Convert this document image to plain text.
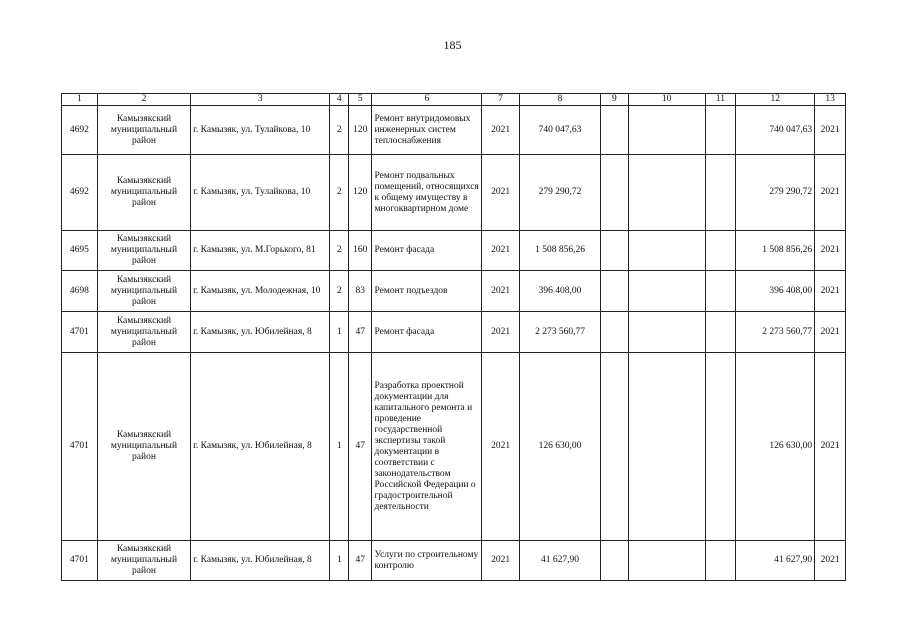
185
1	2	3	4	5	6	7	8	9	10	11	12	13
4692	Камызякский муниципальный район	г. Камызяк, ул. Тулайкова, 10	2	120	Ремонт внутридомовых инженерных систем теплоснабжения	2021	740 047,63				740 047,63	2021
4692	Камызякский муниципальный район	г. Камызяк, ул. Тулайкова, 10	2	120	Ремонт подвальных помещений, относящихся к общему имуществу в многоквартирном доме	2021	279 290,72				279 290,72	2021
4695	Камызякский муниципальный район	г. Камызяк, ул. М.Горького, 81	2	160	Ремонт фасада	2021	1 508 856,26				1 508 856,26	2021
4698	Камызякский муниципальный район	г. Камызяк, ул. Молодежная, 10	2	83	Ремонт подъездов	2021	396 408,00				396 408,00	2021
4701	Камызякский муниципальный район	г. Камызяк, ул. Юбилейная, 8	1	47	Ремонт фасада	2021	2 273 560,77				2 273 560,77	2021
4701	Камызякский муниципальный район	г. Камызяк, ул. Юбилейная, 8	1	47	Разработка проектной документации для капитального ремонта и проведение государственной экспертизы такой документации в соответствии с законодательством Российской Федерации о градостроительной деятельности	2021	126 630,00				126 630,00	2021
4701	Камызякский муниципальный район	г. Камызяк, ул. Юбилейная, 8	1	47	Услуги по строительному контролю	2021	41 627,90				41 627,90	2021
